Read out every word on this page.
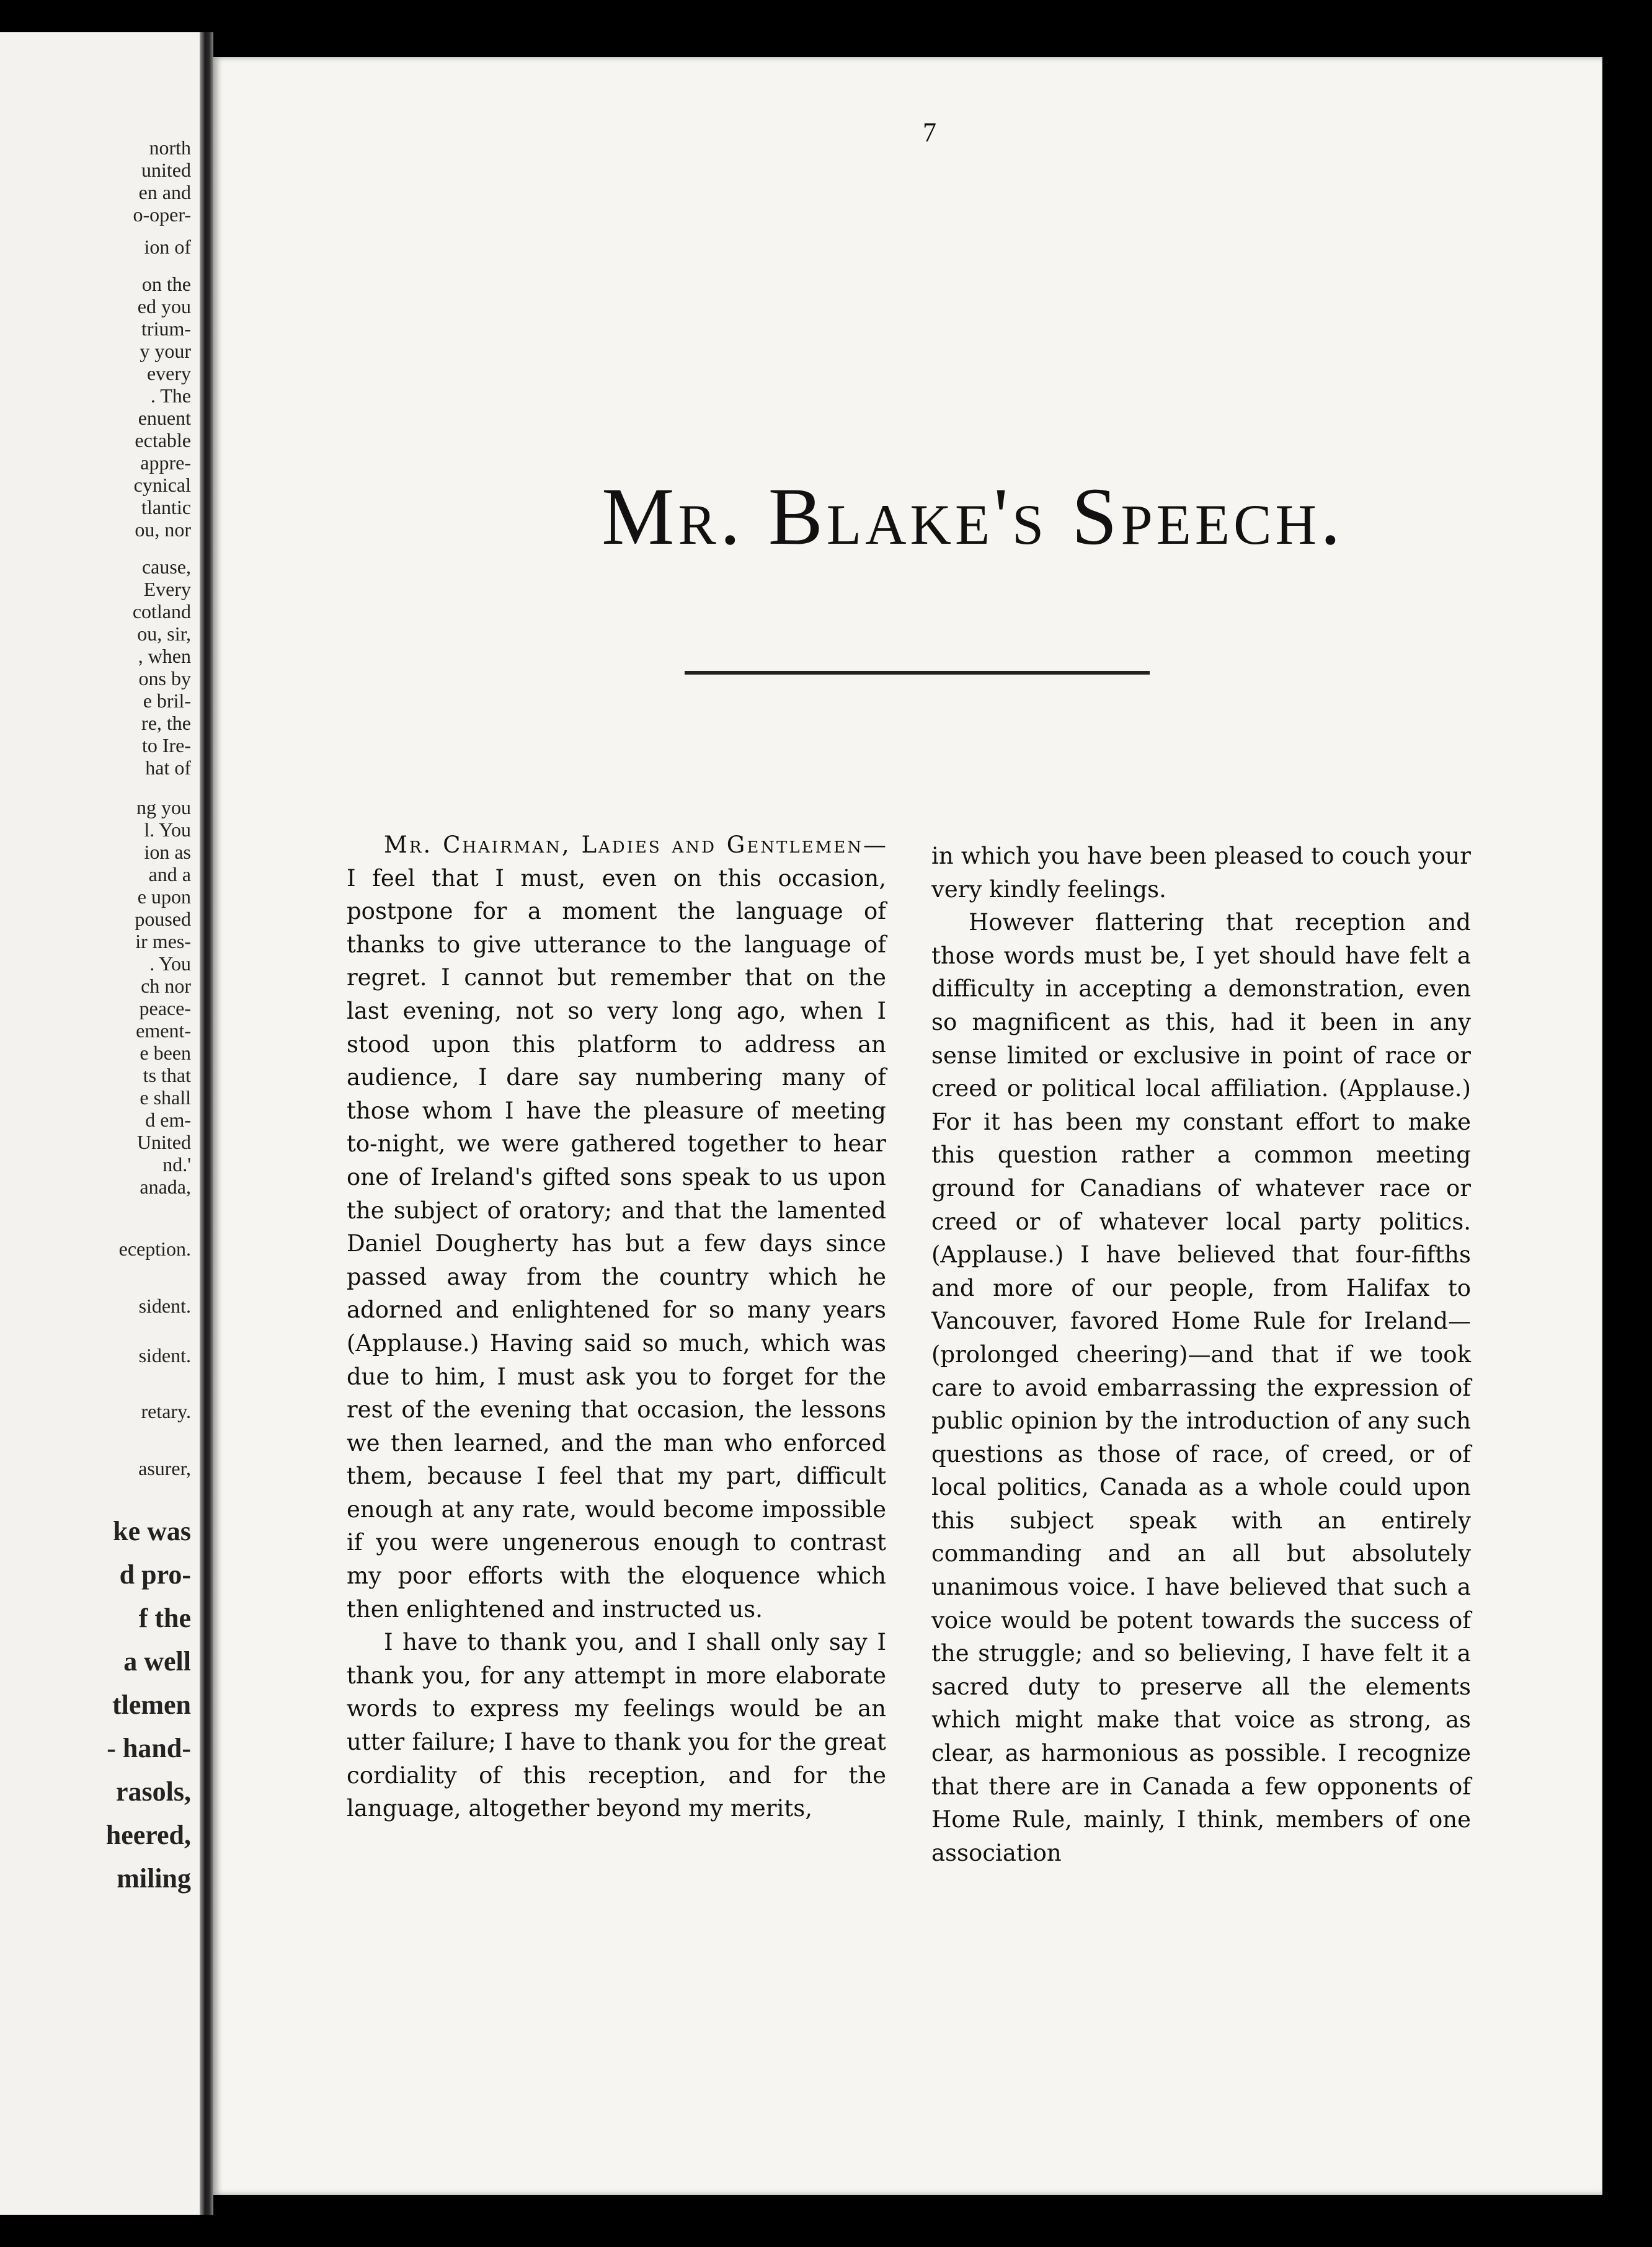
north
united
en and
o-oper-
ion of
on the
ed you
trium-
y your
every
. The
enuent
ectable
appre-
cynical
tlantic
ou, nor
cause,
Every
cotland
ou, sir,
, when
ons by
e bril-
re, the
to Ire-
hat of
ng you
l. You
ion as
and a
e upon
poused
ir mes-
. You
ch nor
peace-
ement-
e been
ts that
e shall
d em-
United
nd.'
anada,
eception.
sident.
sident.
retary.
asurer,
ke was
d pro-
f the
a well
tlemen
- hand-
rasols,
heered,
miling
7
Mr. Blake's Speech.

Mr. Chairman, Ladies and Gentlemen—I feel that I must, even on this occasion, postpone for a moment the language of thanks to give utterance to the language of regret. I cannot but remember that on the last evening, not so very long ago, when I stood upon this platform to address an audience, I dare say numbering many of those whom I have the pleasure of meeting to-night, we were gathered together to hear one of Ireland's gifted sons speak to us upon the subject of oratory; and that the lamented Daniel Dougherty has but a few days since passed away from the country which he adorned and enlightened for so many years (Applause.) Having said so much, which was due to him, I must ask you to forget for the rest of the evening that occasion, the lessons we then learned, and the man who enforced them, because I feel that my part, difficult enough at any rate, would become impossible if you were ungenerous enough to contrast my poor efforts with the eloquence which then enlightened and instructed us.

I have to thank you, and I shall only say I thank you, for any attempt in more elaborate words to express my feelings would be an utter failure; I have to thank you for the great cordiality of this reception, and for the language, altogether beyond my merits,

in which you have been pleased to couch your very kindly feelings.

However flattering that reception and those words must be, I yet should have felt a difficulty in accepting a demonstration, even so magnificent as this, had it been in any sense limited or exclusive in point of race or creed or political local affiliation. (Applause.) For it has been my constant effort to make this question rather a common meeting ground for Canadians of whatever race or creed or of whatever local party politics. (Applause.) I have believed that four-fifths and more of our people, from Halifax to Vancouver, favored Home Rule for Ireland—(prolonged cheering)—and that if we took care to avoid embarrassing the expression of public opinion by the introduction of any such questions as those of race, of creed, or of local politics, Canada as a whole could upon this subject speak with an entirely commanding and an all but absolutely unanimous voice. I have believed that such a voice would be potent towards the success of the struggle; and so believing, I have felt it a sacred duty to preserve all the elements which might make that voice as strong, as clear, as harmonious as possible. I recognize that there are in Canada a few opponents of Home Rule, mainly, I think, members of one association
